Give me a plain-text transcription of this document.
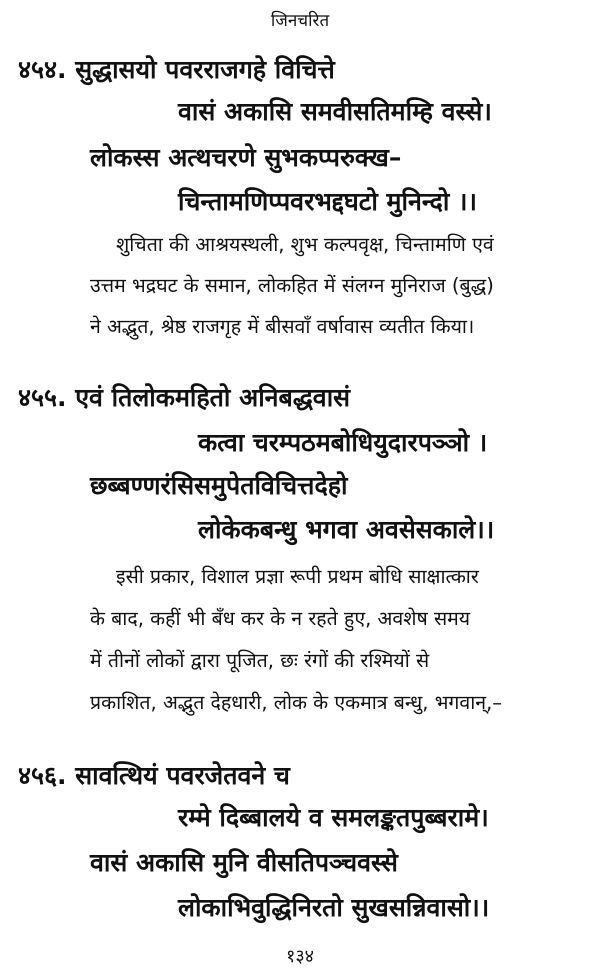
जिनचरित
४५४. सुद्धासयो पवरराजगहे विचित्ते
वासं अकासि समवीसतिमम्हि वस्से।
लोकस्स अत्थचरणे सुभकप्परुक्ख–
चिन्तामणिप्पवरभद्दघटो मुनिन्दो ।।
शुचिता की आश्रयस्थली, शुभ कल्पवृक्ष, चिन्तामणि एवं
उत्तम भद्रघट के समान, लोकहित में संलग्न मुनिराज (बुद्ध)
ने अद्भुत, श्रेष्ठ राजगृह में बीसवाँ वर्षावास व्यतीत किया।
४५५. एवं तिलोकमहितो अनिबद्धवासं
कत्वा चरम्पठमबोधियुदारपञ्ञो ।
छब्बण्णरंसिसमुपेतविचित्तदेहो
लोकेकबन्धु भगवा अवसेसकाले।।
इसी प्रकार, विशाल प्रज्ञा रूपी प्रथम बोधि साक्षात्कार
के बाद, कहीं भी बँध कर के न रहते हुए, अवशेष समय
में तीनों लोकों द्वारा पूजित, छः रंगों की रश्मियों से
प्रकाशित, अद्भुत देहधारी, लोक के एकमात्र बन्धु, भगवान्,–
४५६. सावत्थियं पवरजेतवने च
रम्मे दिब्बालये व समलङ्कतपुब्बरामे।
वासं अकासि मुनि वीसतिपञ्चवस्से
लोकाभिवुद्धिनिरतो सुखसन्निवासो।।
१३४
